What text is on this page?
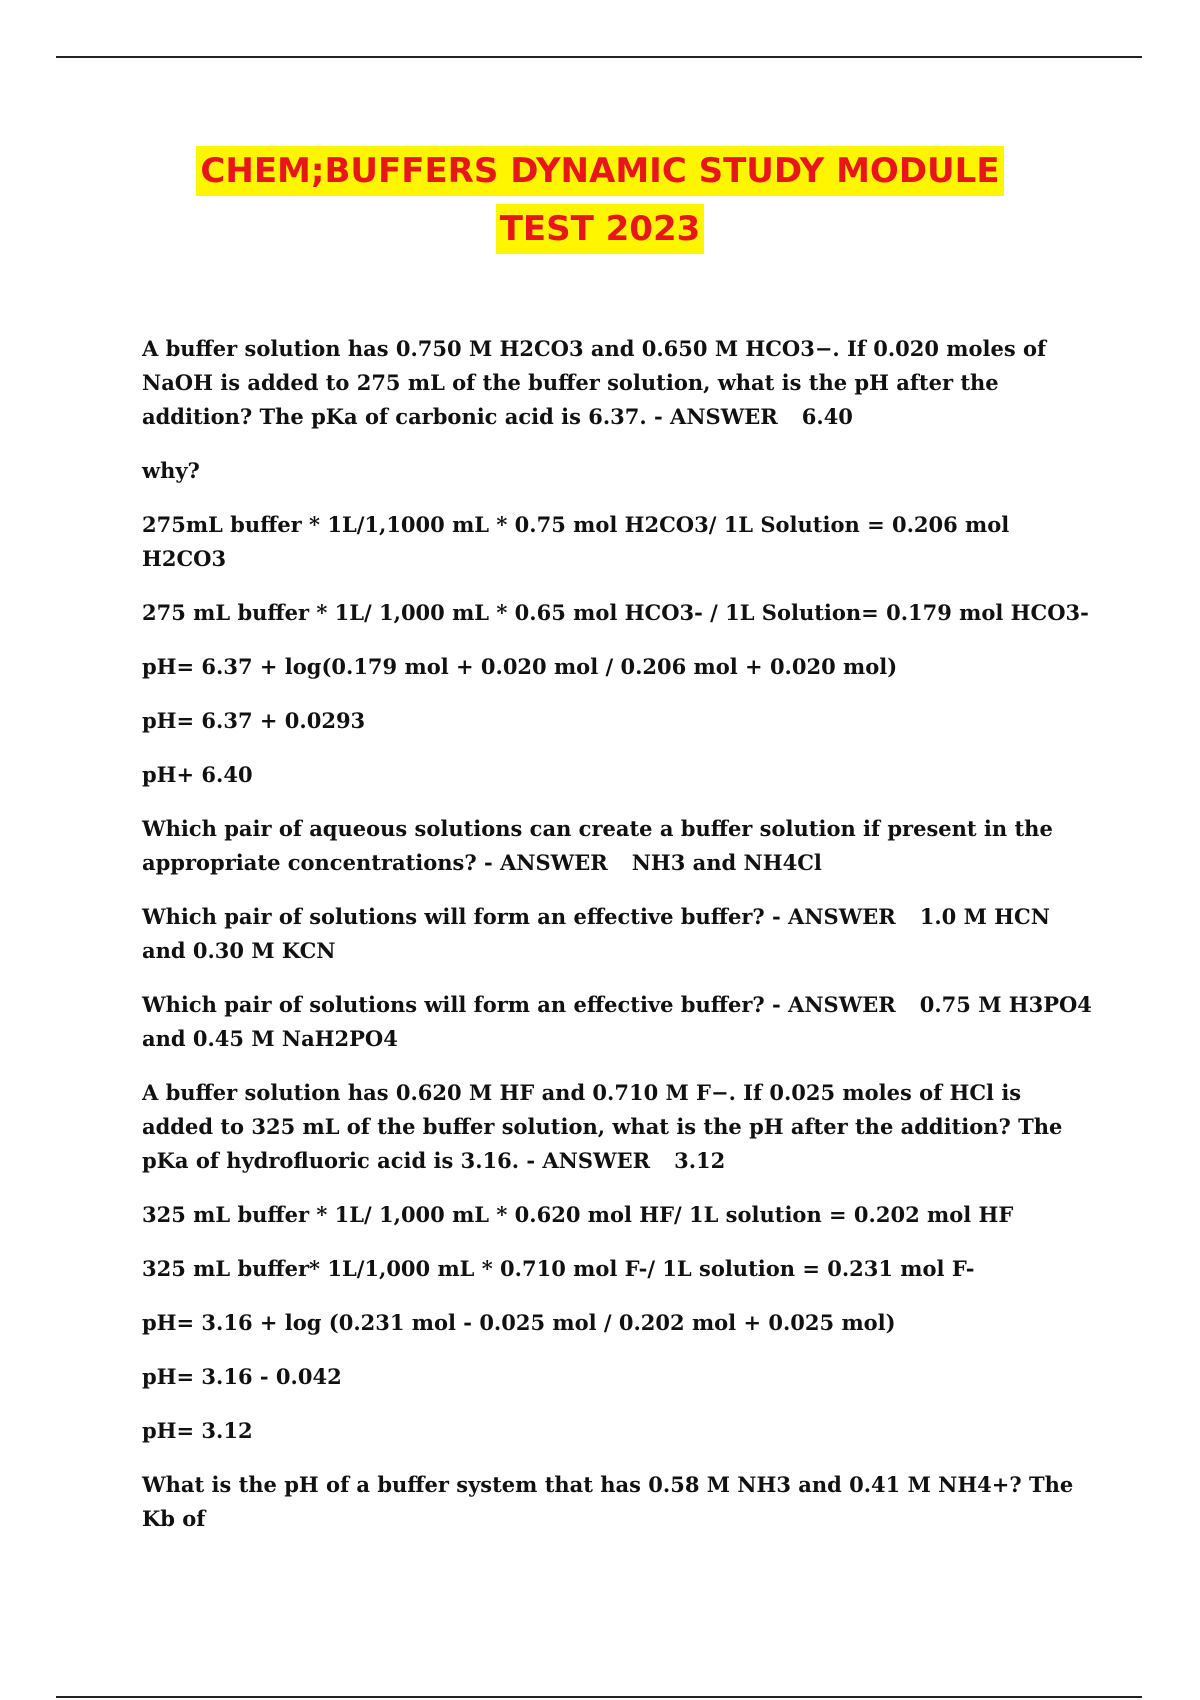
CHEM;BUFFERS DYNAMIC STUDY MODULE
TEST 2023

A buffer solution has 0.750 M H2CO3 and 0.650 M HCO3−. If 0.020 moles of NaOH is added to 275 mL of the buffer solution, what is the pH after the addition? The pKa of carbonic acid is 6.37. - ANSWER 6.40

why?

275mL buffer * 1L/1,1000 mL * 0.75 mol H2CO3/ 1L Solution = 0.206 mol H2CO3

275 mL buffer * 1L/ 1,000 mL * 0.65 mol HCO3- / 1L Solution= 0.179 mol HCO3-

pH= 6.37 + log(0.179 mol + 0.020 mol / 0.206 mol + 0.020 mol)

pH= 6.37 + 0.0293

pH+ 6.40

Which pair of aqueous solutions can create a buffer solution if present in the appropriate concentrations? - ANSWER NH3 and NH4Cl

Which pair of solutions will form an effective buffer? - ANSWER 1.0 M HCN and 0.30 M KCN

Which pair of solutions will form an effective buffer? - ANSWER 0.75 M H3PO4 and 0.45 M NaH2PO4

A buffer solution has 0.620 M HF and 0.710 M F−. If 0.025 moles of HCl is added to 325 mL of the buffer solution, what is the pH after the addition? The pKa of hydrofluoric acid is 3.16. - ANSWER 3.12

325 mL buffer * 1L/ 1,000 mL * 0.620 mol HF/ 1L solution = 0.202 mol HF

325 mL buffer* 1L/1,000 mL * 0.710 mol F-/ 1L solution = 0.231 mol F-

pH= 3.16 + log (0.231 mol - 0.025 mol / 0.202 mol + 0.025 mol)

pH= 3.16 - 0.042

pH= 3.12

What is the pH of a buffer system that has 0.58 M NH3 and 0.41 M NH4+? The Kb of
